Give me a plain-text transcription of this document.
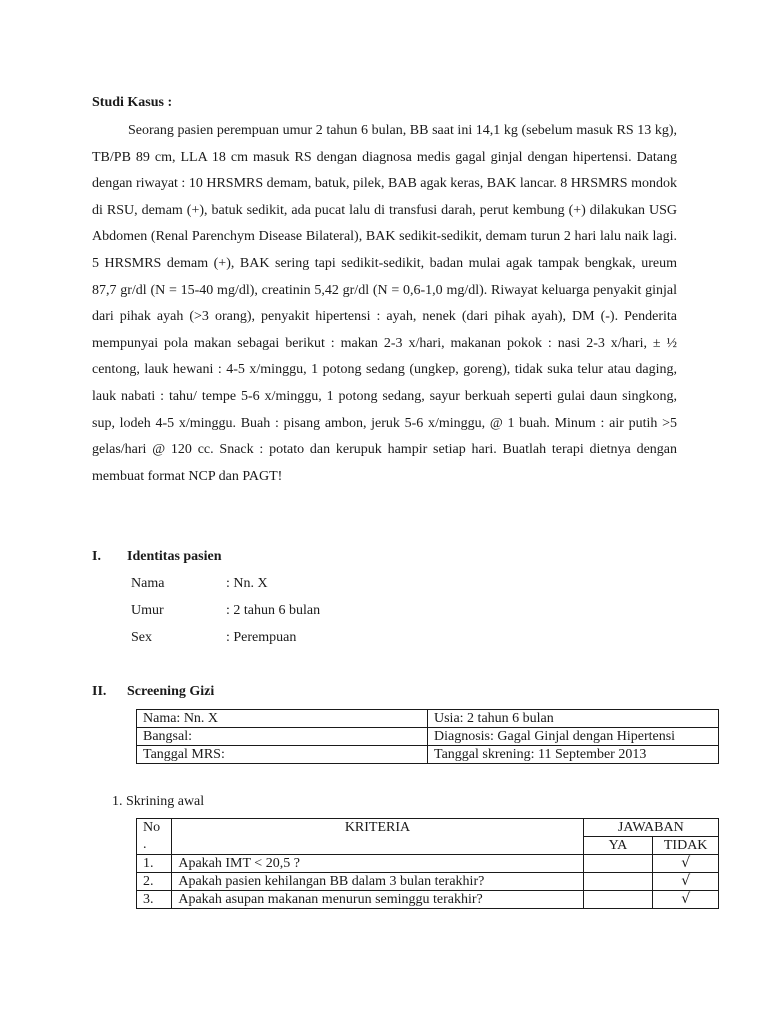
Studi Kasus :

Seorang pasien perempuan umur 2 tahun 6 bulan, BB saat ini 14,1 kg (sebelum masuk RS 13 kg), TB/PB 89 cm, LLA 18 cm masuk RS dengan diagnosa medis gagal ginjal dengan hipertensi. Datang dengan riwayat : 10 HRSMRS demam, batuk, pilek, BAB agak keras, BAK lancar. 8 HRSMRS mondok di RSU, demam (+), batuk sedikit, ada pucat lalu di transfusi darah, perut kembung (+) dilakukan USG Abdomen (Renal Parenchym Disease Bilateral), BAK sedikit-sedikit, demam turun 2 hari lalu naik lagi. 5 HRSMRS demam (+), BAK sering tapi sedikit-sedikit, badan mulai agak tampak bengkak, ureum 87,7 gr/dl (N = 15-40 mg/dl), creatinin 5,42 gr/dl (N = 0,6-1,0 mg/dl). Riwayat keluarga penyakit ginjal dari pihak ayah (>3 orang), penyakit hipertensi : ayah, nenek (dari pihak ayah), DM (-). Penderita mempunyai pola makan sebagai berikut : makan 2-3 x/hari, makanan pokok : nasi 2-3 x/hari, ± ½ centong, lauk hewani : 4-5 x/minggu, 1 potong sedang (ungkep, goreng), tidak suka telur atau daging, lauk nabati : tahu/ tempe 5-6 x/minggu, 1 potong sedang, sayur berkuah seperti gulai daun singkong, sup, lodeh 4-5 x/minggu. Buah : pisang ambon, jeruk 5-6 x/minggu, @ 1 buah. Minum : air putih >5 gelas/hari @ 120 cc. Snack : potato dan kerupuk hampir setiap hari. Buatlah terapi dietnya dengan membuat format NCP dan PAGT!

I. Identitas pasien
Nama	: Nn. X
Umur	: 2 tahun 6 bulan
Sex	: Perempuan
II. Screening Gizi
Nama: Nn. X	Usia: 2 tahun 6 bulan
Bangsal:	Diagnosis: Gagal Ginjal dengan Hipertensi
Tanggal MRS:	Tanggal skrening: 11 September 2013
1. Skrining awal
No
.	KRITERIA	JAWABAN	
		YA	TIDAK
1.	Apakah IMT < 20,5 ?		√
2.	Apakah pasien kehilangan BB dalam 3 bulan terakhir?		√
3.	Apakah asupan makanan menurun seminggu terakhir?		√
